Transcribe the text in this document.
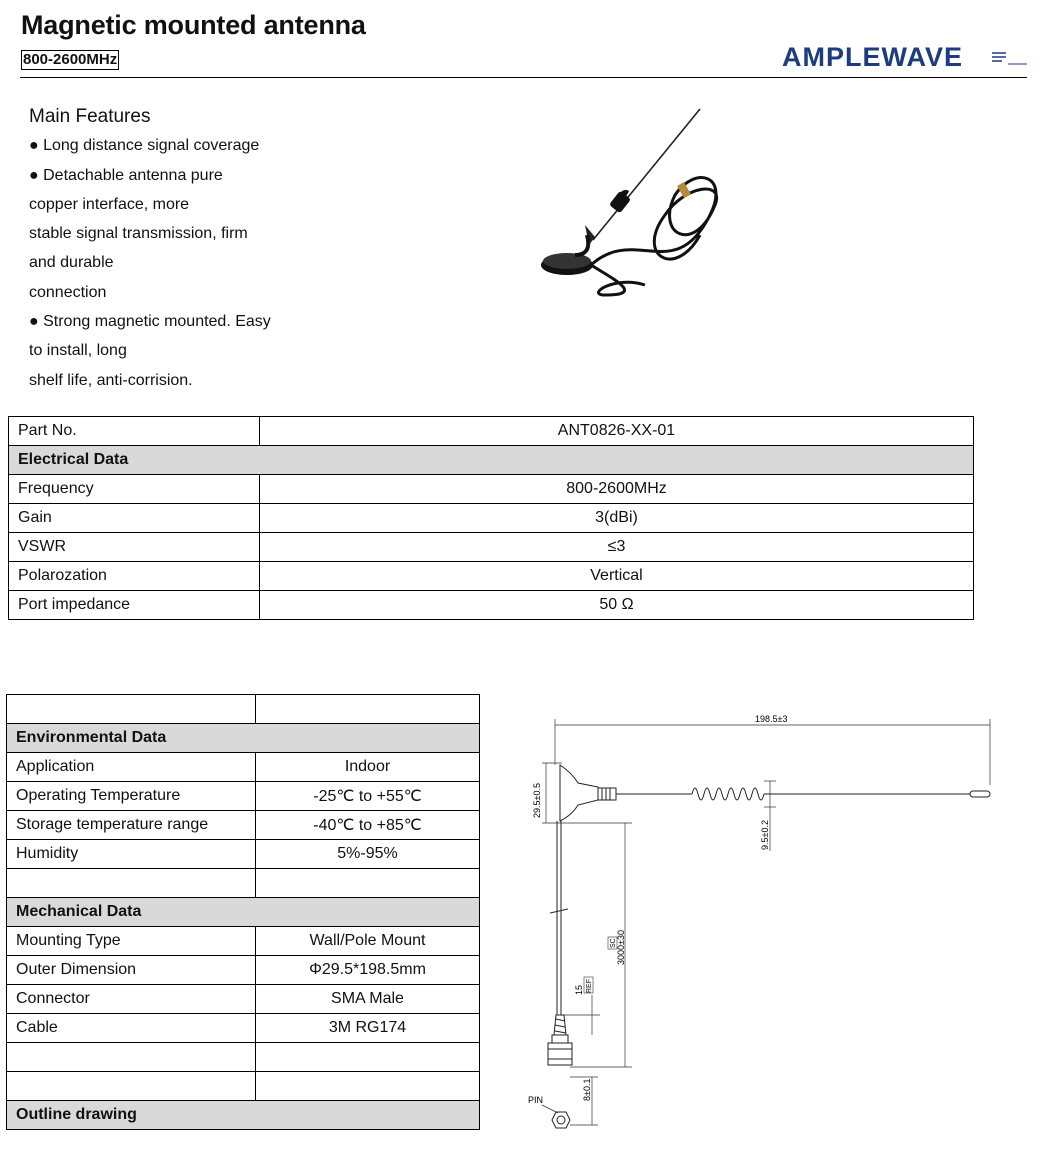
Magnetic mounted antenna
800-2600MHz	AMPLEWAVE
Main Features
● Long distance signal coverage
● Detachable antenna pure
copper interface, more
stable signal transmission, firm
and durable
connection
● Strong magnetic mounted. Easy
to install, long
shelf life, anti-corrision.
Part No.	ANT0826-XX-01
Electrical Data	
Frequency	800-2600MHz
Gain	3(dBi)
VSWR	≤3
Polarozation	Vertical
Port impedance	50 Ω

Environmental Data	
Application	Indoor
Operating Temperature	-25℃ to +55℃
Storage temperature range	-40℃ to +85℃
Humidity	5%-95%

Mechanical Data	
Mounting Type	Wall/Pole Mount
Outer Dimension	Φ29.5*198.5mm
Connector	SMA Male
Cable	3M RG174

Outline drawing	
198.5±3
29.5±0.5
9.5±0.2
3000±30
SC
15 REF
8±0.1
PIN
